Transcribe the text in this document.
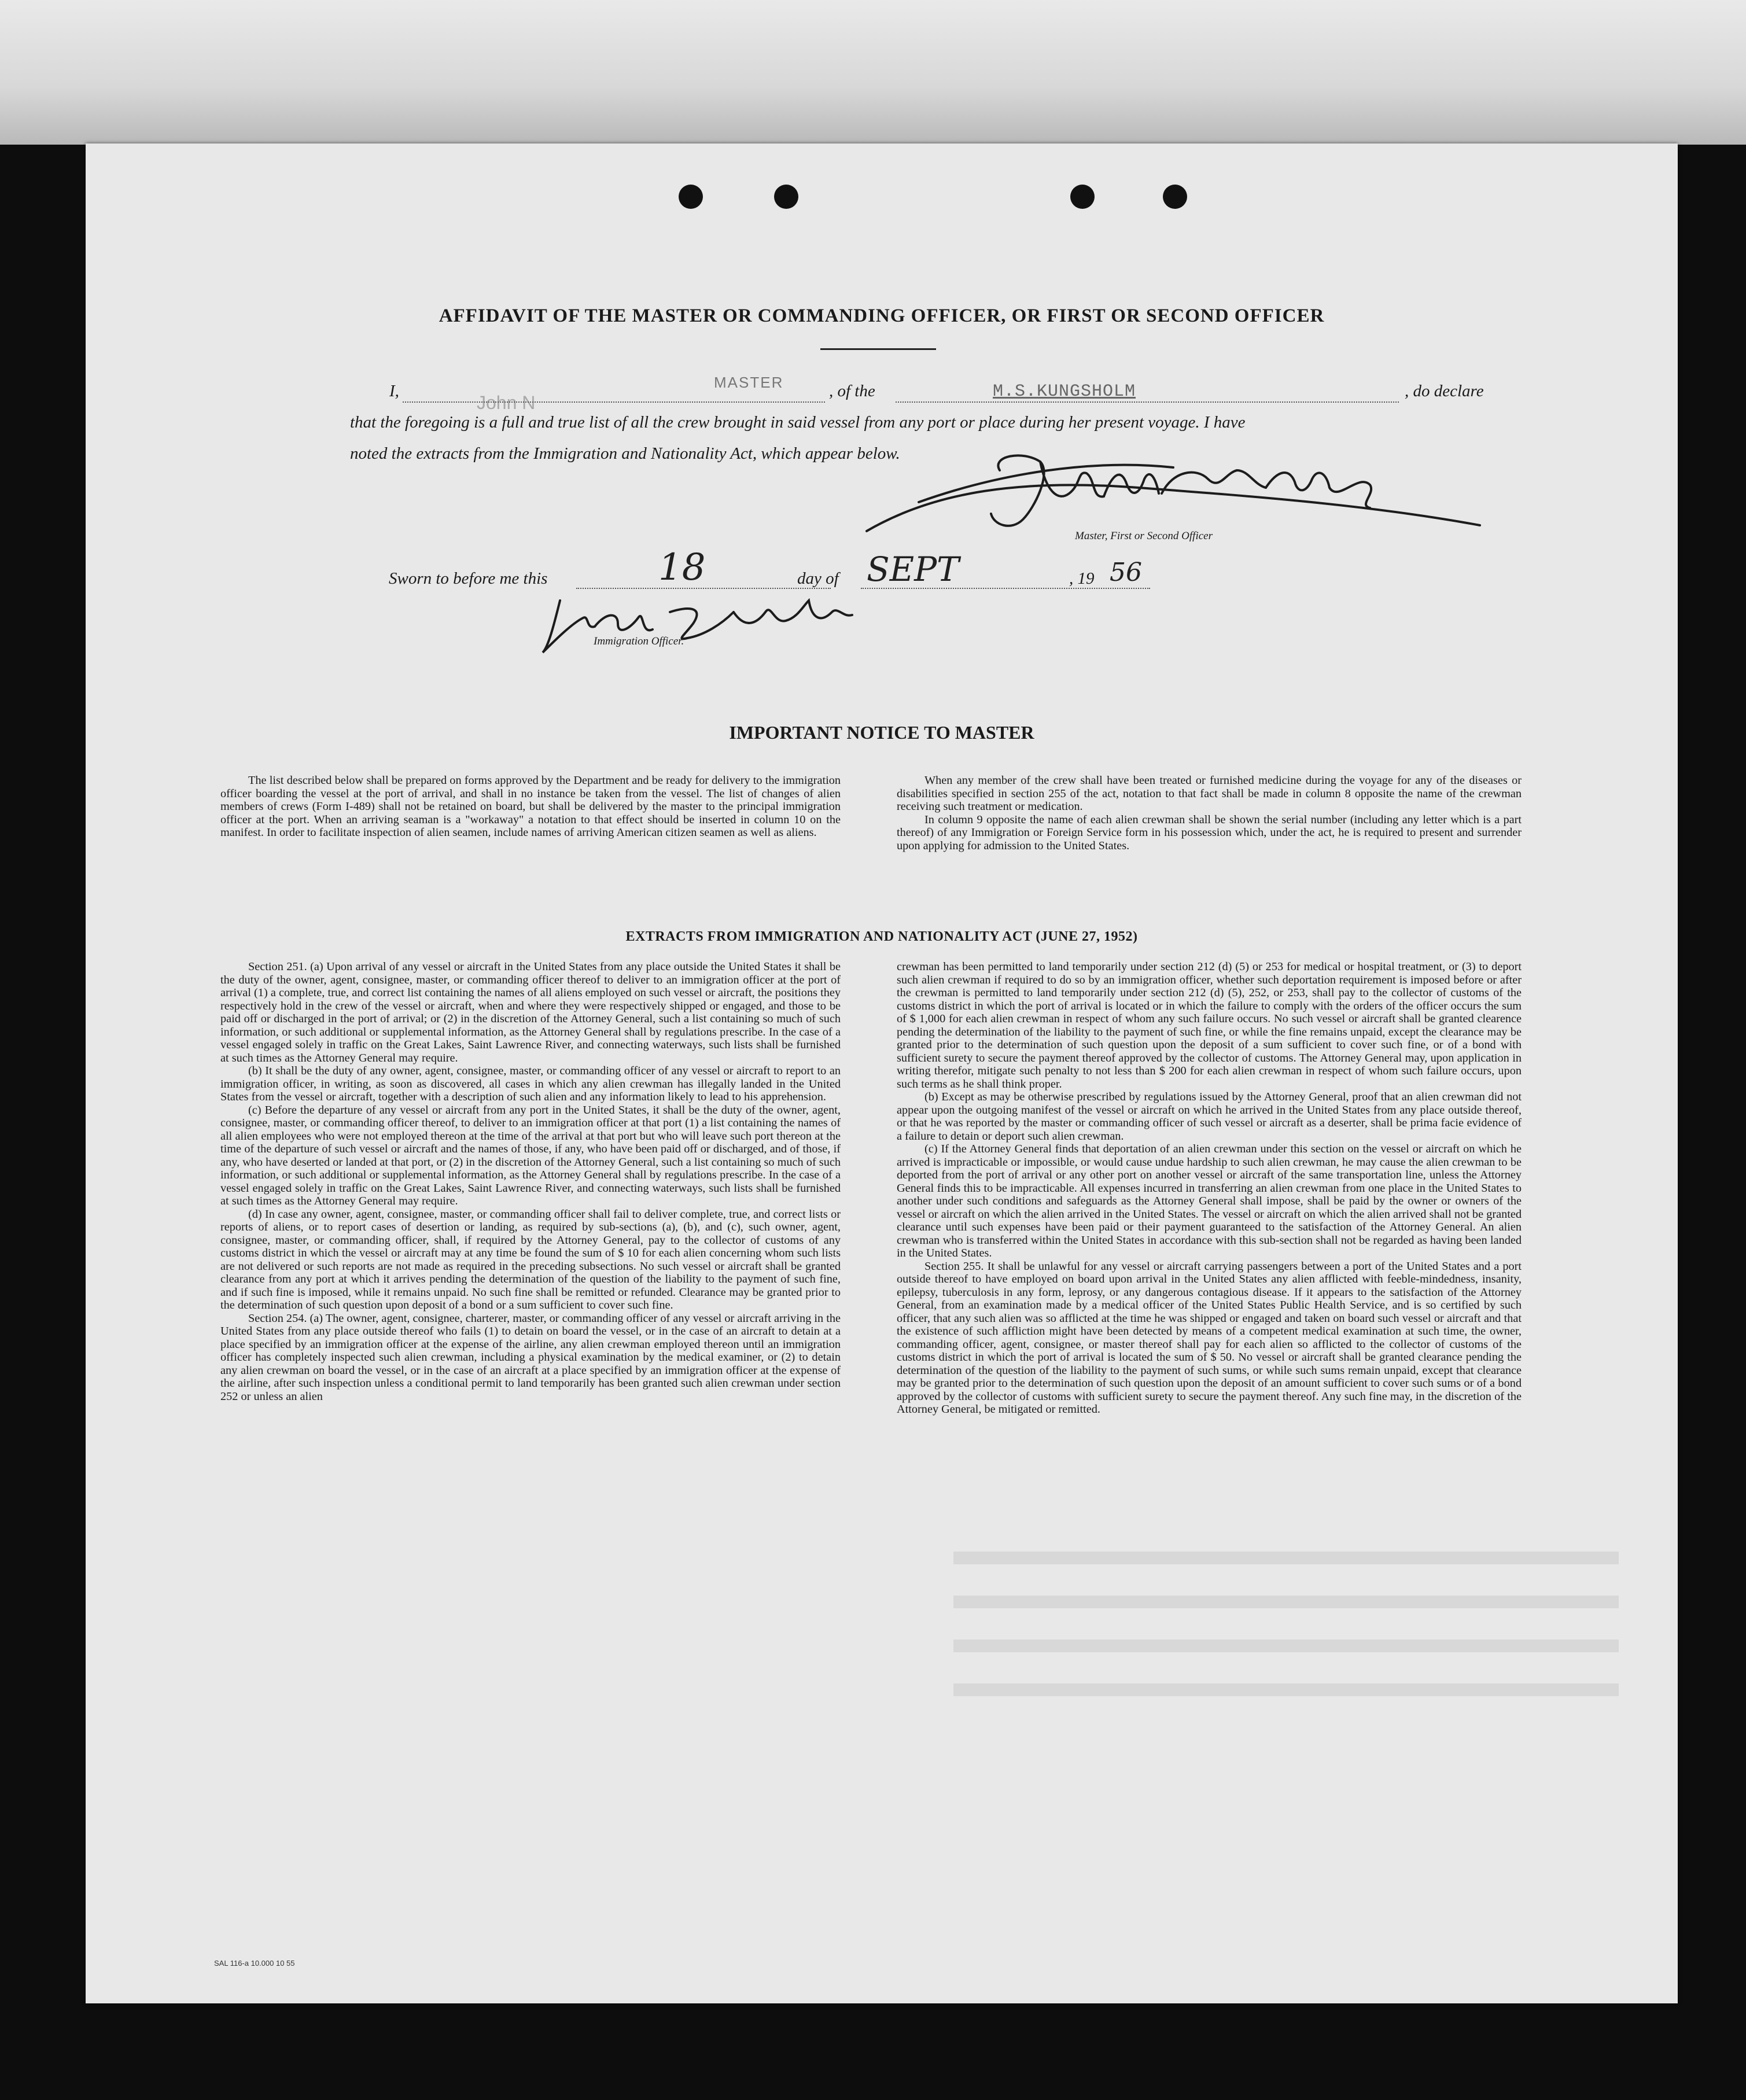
AFFIDAVIT OF THE MASTER OR COMMANDING OFFICER, OR FIRST OR SECOND OFFICER
I,
John N
MASTER	, of the	M.S.KUNGSHOLM	, do declare
that the foregoing is a full and true list of all the crew brought in said vessel from any port or place during her present voyage. I have
noted the extracts from the Immigration and Nationality Act, which appear below.
Master, First or Second Officer
Sworn to before me this	18	day of SEPT	, 19 56
Immigration Officer.
IMPORTANT NOTICE TO MASTER

The list described below shall be prepared on forms approved by the Department and be ready for delivery to the immigration officer boarding the vessel at the port of arrival, and shall in no instance be taken from the vessel. The list of changes of alien members of crews (Form I-489) shall not be retained on board, but shall be delivered by the master to the principal immigration officer at the port. When an arriving seaman is a "workaway" a notation to that effect should be inserted in column 10 on the manifest. In order to facilitate inspection of alien seamen, include names of arriving American citizen seamen as well as aliens.

When any member of the crew shall have been treated or furnished medicine during the voyage for any of the diseases or disabilities specified in section 255 of the act, notation to that fact shall be made in column 8 opposite the name of the crewman receiving such treatment or medication.

In column 9 opposite the name of each alien crewman shall be shown the serial number (including any letter which is a part thereof) of any Immigration or Foreign Service form in his possession which, under the act, he is required to present and surrender upon applying for admission to the United States.

EXTRACTS FROM IMMIGRATION AND NATIONALITY ACT (JUNE 27, 1952)

Section 251. (a) Upon arrival of any vessel or aircraft in the United States from any place outside the United States it shall be the duty of the owner, agent, consignee, master, or commanding officer thereof to deliver to an immigration officer at the port of arrival (1) a complete, true, and correct list containing the names of all aliens employed on such vessel or aircraft, the positions they respectively hold in the crew of the vessel or aircraft, when and where they were respectively shipped or engaged, and those to be paid off or discharged in the port of arrival; or (2) in the discretion of the Attorney General, such a list containing so much of such information, or such additional or supplemental information, as the Attorney General shall by regulations prescribe. In the case of a vessel engaged solely in traffic on the Great Lakes, Saint Lawrence River, and connecting waterways, such lists shall be furnished at such times as the Attorney General may require.

(b) It shall be the duty of any owner, agent, consignee, master, or commanding officer of any vessel or aircraft to report to an immigration officer, in writing, as soon as discovered, all cases in which any alien crewman has illegally landed in the United States from the vessel or aircraft, together with a description of such alien and any information likely to lead to his apprehension.

(c) Before the departure of any vessel or aircraft from any port in the United States, it shall be the duty of the owner, agent, consignee, master, or commanding officer thereof, to deliver to an immigration officer at that port (1) a list containing the names of all alien employees who were not employed thereon at the time of the arrival at that port but who will leave such port thereon at the time of the departure of such vessel or aircraft and the names of those, if any, who have been paid off or discharged, and of those, if any, who have deserted or landed at that port, or (2) in the discretion of the Attorney General, such a list containing so much of such information, or such additional or supplemental information, as the Attorney General shall by regulations prescribe. In the case of a vessel engaged solely in traffic on the Great Lakes, Saint Lawrence River, and connecting waterways, such lists shall be furnished at such times as the Attorney General may require.

(d) In case any owner, agent, consignee, master, or commanding officer shall fail to deliver complete, true, and correct lists or reports of aliens, or to report cases of desertion or landing, as required by sub-sections (a), (b), and (c), such owner, agent, consignee, master, or commanding officer, shall, if required by the Attorney General, pay to the collector of customs of any customs district in which the vessel or aircraft may at any time be found the sum of $ 10 for each alien concerning whom such lists are not delivered or such reports are not made as required in the preceding subsections. No such vessel or aircraft shall be granted clearance from any port at which it arrives pending the determination of the question of the liability to the payment of such fine, and if such fine is imposed, while it remains unpaid. No such fine shall be remitted or refunded. Clearance may be granted prior to the determination of such question upon deposit of a bond or a sum sufficient to cover such fine.

Section 254. (a) The owner, agent, consignee, charterer, master, or commanding officer of any vessel or aircraft arriving in the United States from any place outside thereof who fails (1) to detain on board the vessel, or in the case of an aircraft to detain at a place specified by an immigration officer at the expense of the airline, any alien crewman employed thereon until an immigration officer has completely inspected such alien crewman, including a physical examination by the medical examiner, or (2) to detain any alien crewman on board the vessel, or in the case of an aircraft at a place specified by an immigration officer at the expense of the airline, after such inspection unless a conditional permit to land temporarily has been granted such alien crewman under section 252 or unless an alien

crewman has been permitted to land temporarily under section 212 (d) (5) or 253 for medical or hospital treatment, or (3) to deport such alien crewman if required to do so by an immigration officer, whether such deportation requirement is imposed before or after the crewman is permitted to land temporarily under section 212 (d) (5), 252, or 253, shall pay to the collector of customs of the customs district in which the port of arrival is located or in which the failure to comply with the orders of the officer occurs the sum of $ 1,000 for each alien crewman in respect of whom any such failure occurs. No such vessel or aircraft shall be granted clearence pending the determination of the liability to the payment of such fine, or while the fine remains unpaid, except the clearance may be granted prior to the determination of such question upon the deposit of a sum sufficient to cover such fine, or of a bond with sufficient surety to secure the payment thereof approved by the collector of customs. The Attorney General may, upon application in writing therefor, mitigate such penalty to not less than $ 200 for each alien crewman in respect of whom such failure occurs, upon such terms as he shall think proper.

(b) Except as may be otherwise prescribed by regulations issued by the Attorney General, proof that an alien crewman did not appear upon the outgoing manifest of the vessel or aircraft on which he arrived in the United States from any place outside thereof, or that he was reported by the master or commanding officer of such vessel or aircraft as a deserter, shall be prima facie evidence of a failure to detain or deport such alien crewman.

(c) If the Attorney General finds that deportation of an alien crewman under this section on the vessel or aircraft on which he arrived is impracticable or impossible, or would cause undue hardship to such alien crewman, he may cause the alien crewman to be deported from the port of arrival or any other port on another vessel or aircraft of the same transportation line, unless the Attorney General finds this to be impracticable. All expenses incurred in transferring an alien crewman from one place in the United States to another under such conditions and safeguards as the Attorney General shall impose, shall be paid by the owner or owners of the vessel or aircraft on which the alien arrived in the United States. The vessel or aircraft on which the alien arrived shall not be granted clearance until such expenses have been paid or their payment guaranteed to the satisfaction of the Attorney General. An alien crewman who is transferred within the United States in accordance with this sub-section shall not be regarded as having been landed in the United States.

Section 255. It shall be unlawful for any vessel or aircraft carrying passengers between a port of the United States and a port outside thereof to have employed on board upon arrival in the United States any alien afflicted with feeble-mindedness, insanity, epilepsy, tuberculosis in any form, leprosy, or any dangerous contagious disease. If it appears to the satisfaction of the Attorney General, from an examination made by a medical officer of the United States Public Health Service, and is so certified by such officer, that any such alien was so afflicted at the time he was shipped or engaged and taken on board such vessel or aircraft and that the existence of such affliction might have been detected by means of a competent medical examination at such time, the owner, commanding officer, agent, consignee, or master thereof shall pay for each alien so afflicted to the collector of customs of the customs district in which the port of arrival is located the sum of $ 50. No vessel or aircraft shall be granted clearance pending the determination of the question of the liability to the payment of such sums, or while such sums remain unpaid, except that clearance may be granted prior to the determination of such question upon the deposit of an amount sufficient to cover such sums or of a bond approved by the collector of customs with sufficient surety to secure the payment thereof. Any such fine may, in the discretion of the Attorney General, be mitigated or remitted.

SAL 116-a 10.000 10 55
